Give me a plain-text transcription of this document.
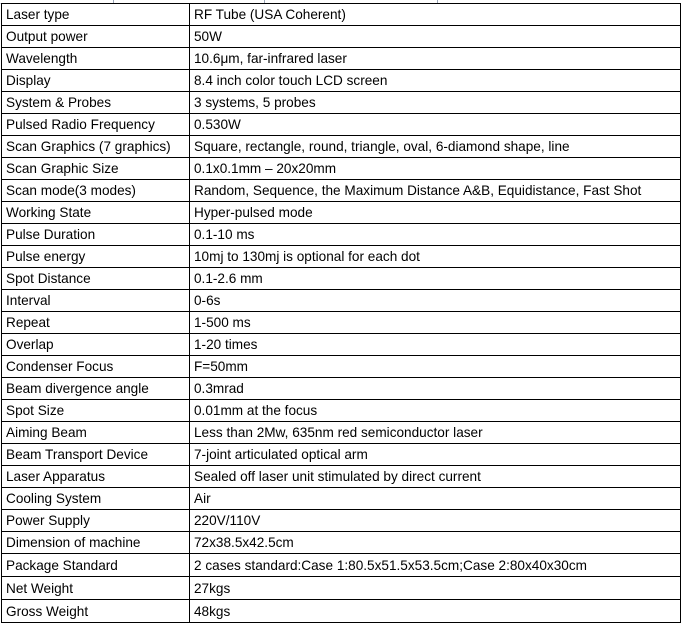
Laser type	RF Tube (USA Coherent)
Output power	50W
Wavelength	10.6μm, far-infrared laser
Display	8.4 inch color touch LCD screen
System & Probes	3 systems, 5 probes
Pulsed Radio Frequency	0.530W
Scan Graphics (7 graphics)	Square, rectangle, round, triangle, oval, 6-diamond shape, line
Scan Graphic Size	0.1x0.1mm – 20x20mm
Scan mode(3 modes)	Random, Sequence, the Maximum Distance A&B, Equidistance, Fast Shot
Working State	Hyper-pulsed mode
Pulse Duration	0.1-10 ms
Pulse energy	10mj to 130mj is optional for each dot
Spot Distance	0.1-2.6 mm
Interval	0-6s
Repeat	1-500 ms
Overlap	1-20 times
Condenser Focus	F=50mm
Beam divergence angle	0.3mrad
Spot Size	0.01mm at the focus
Aiming Beam	Less than 2Mw, 635nm red semiconductor laser
Beam Transport Device	7-joint articulated optical arm
Laser Apparatus	Sealed off laser unit stimulated by direct current
Cooling System	Air
Power Supply	220V/110V
Dimension of machine	72x38.5x42.5cm
Package Standard	2 cases standard:Case 1:80.5x51.5x53.5cm;Case 2:80x40x30cm
Net Weight	27kgs
Gross Weight	48kgs
